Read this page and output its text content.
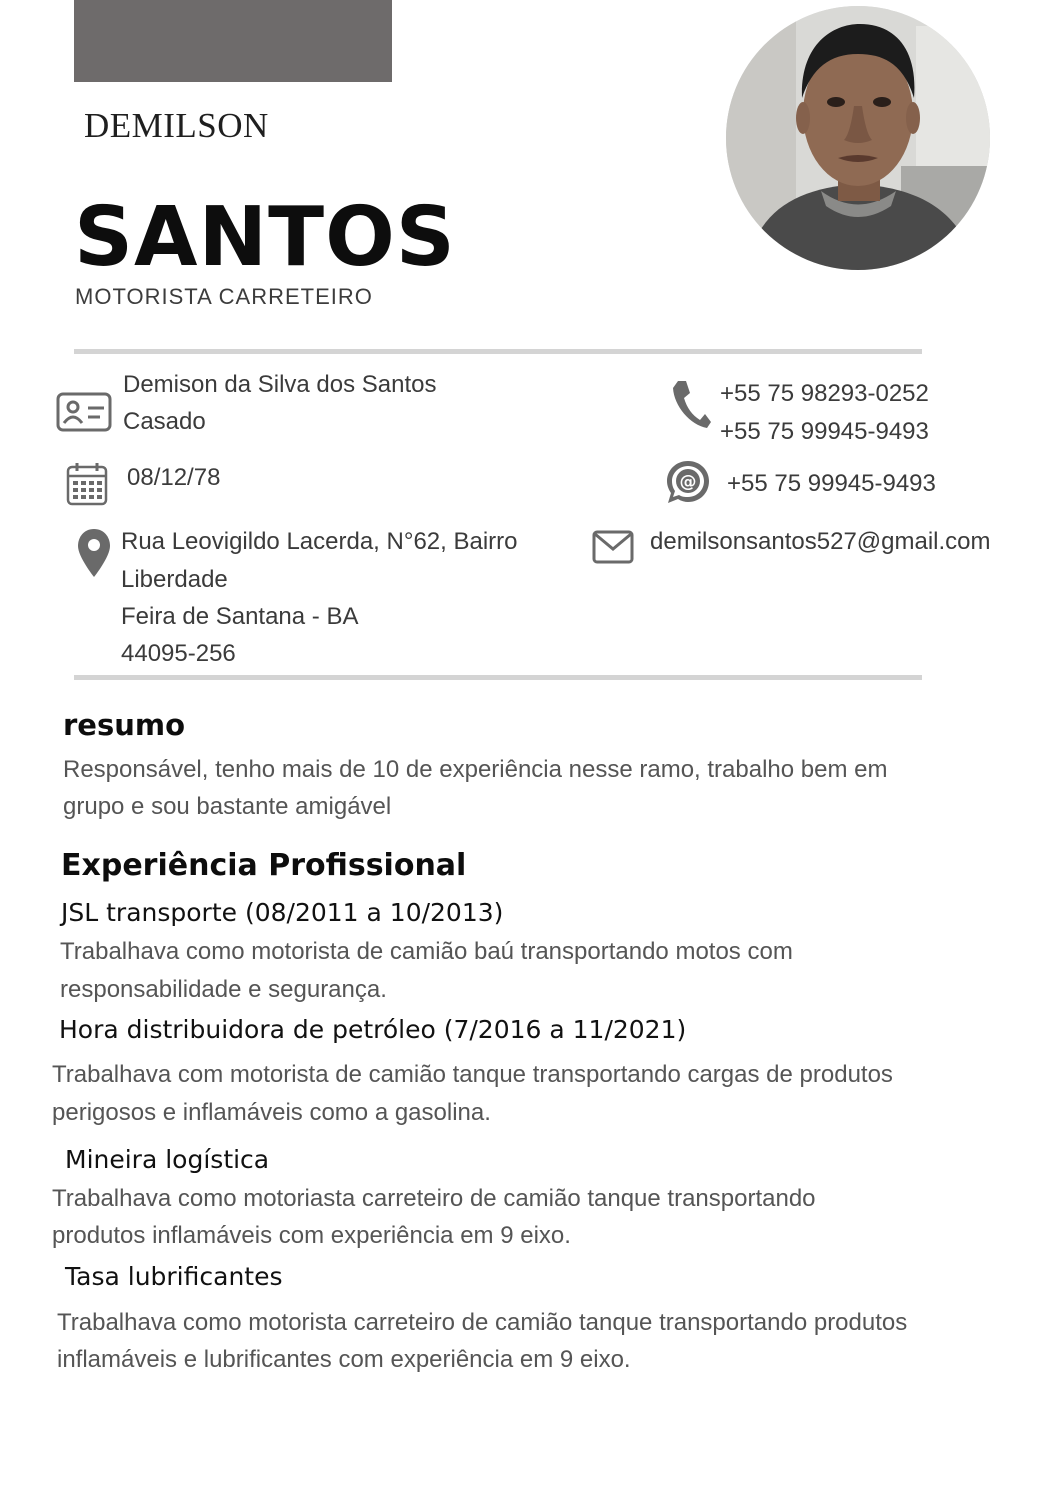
DEMILSON
SANTOS
MOTORISTA CARRETEIRO
Demison da Silva dos Santos
Casado
08/12/78
Rua Leovigildo Lacerda, N°62, Bairro
Liberdade
Feira de Santana - BA
44095-256
+55 75 98293-0252
+55 75 99945-9493
@ +55 75 99945-9493
demilsonsantos527@gmail.com
resumo
Responsável, tenho mais de 10 de experiência nesse ramo, trabalho bem em
grupo e sou bastante amigável
Experiência Profissional
JSL transporte (08/2011 a 10/2013)
Trabalhava como motorista de camião baú transportando motos com
responsabilidade e segurança.
Hora distribuidora de petróleo (7/2016 a 11/2021)
Trabalhava com motorista de camião tanque transportando cargas de produtos
perigosos e inflamáveis como a gasolina.
Mineira logística
Trabalhava como motoriasta carreteiro de camião tanque transportando
produtos inflamáveis com experiência em 9 eixo.
Tasa lubrificantes
Trabalhava como motorista carreteiro de camião tanque transportando produtos
inflamáveis e lubrificantes com experiência em 9 eixo.
